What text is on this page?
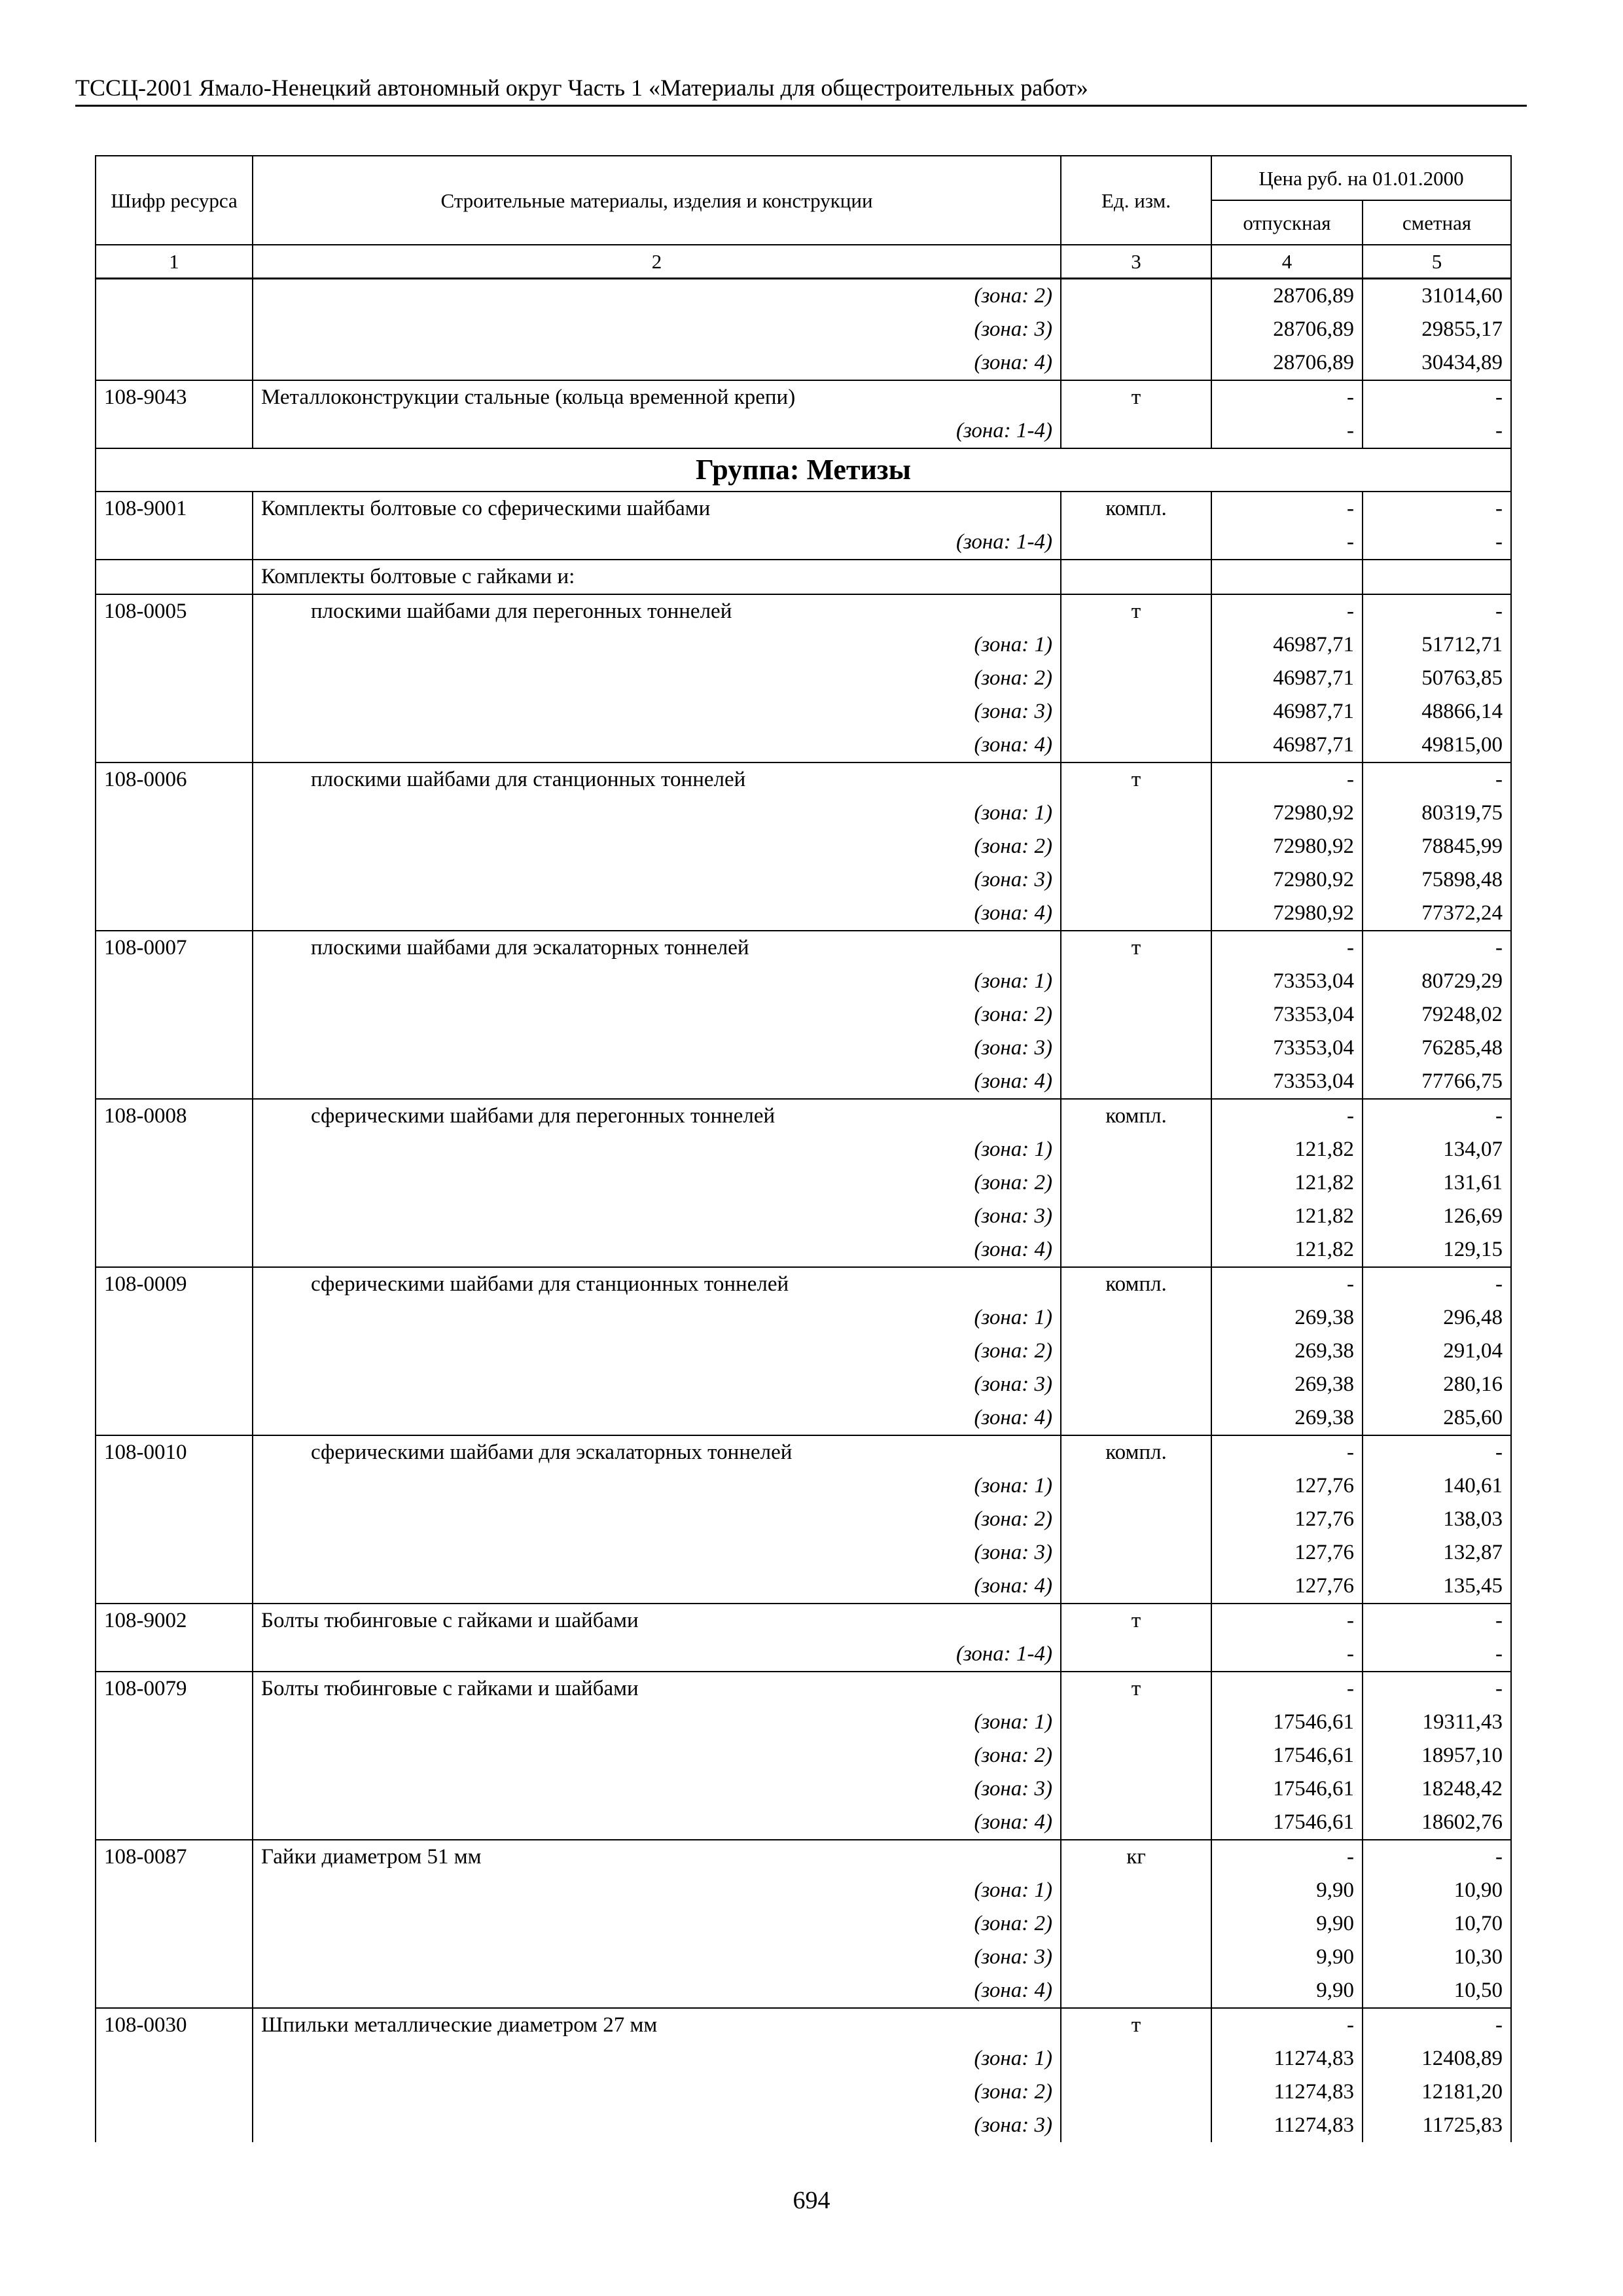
ТССЦ-2001 Ямало-Ненецкий автономный округ Часть 1 «Материалы для общестроительных работ»
Шифр ресурса	Строительные материалы, изделия и конструкции	Ед. изм.	Цена руб. на 01.01.2000	
			отпускная	сметная
1	2	3	4	5
	(зона: 2)		28706,89	31014,60
	(зона: 3)		28706,89	29855,17
	(зона: 4)		28706,89	30434,89
108-9043	Металлоконструкции стальные (кольца временной крепи)	т	-	-
	(зона: 1-4)		-	-
Группа: Метизы				
108-9001	Комплекты болтовые со сферическими шайбами	компл.	-	-
	(зона: 1-4)		-	-
	Комплекты болтовые с гайками и:			
108-0005	плоскими шайбами для перегонных тоннелей	т	-	-
	(зона: 1)		46987,71	51712,71
	(зона: 2)		46987,71	50763,85
	(зона: 3)		46987,71	48866,14
	(зона: 4)		46987,71	49815,00
108-0006	плоскими шайбами для станционных тоннелей	т	-	-
	(зона: 1)		72980,92	80319,75
	(зона: 2)		72980,92	78845,99
	(зона: 3)		72980,92	75898,48
	(зона: 4)		72980,92	77372,24
108-0007	плоскими шайбами для эскалаторных тоннелей	т	-	-
	(зона: 1)		73353,04	80729,29
	(зона: 2)		73353,04	79248,02
	(зона: 3)		73353,04	76285,48
	(зона: 4)		73353,04	77766,75
108-0008	сферическими шайбами для перегонных тоннелей	компл.	-	-
	(зона: 1)		121,82	134,07
	(зона: 2)		121,82	131,61
	(зона: 3)		121,82	126,69
	(зона: 4)		121,82	129,15
108-0009	сферическими шайбами для станционных тоннелей	компл.	-	-
	(зона: 1)		269,38	296,48
	(зона: 2)		269,38	291,04
	(зона: 3)		269,38	280,16
	(зона: 4)		269,38	285,60
108-0010	сферическими шайбами для эскалаторных тоннелей	компл.	-	-
	(зона: 1)		127,76	140,61
	(зона: 2)		127,76	138,03
	(зона: 3)		127,76	132,87
	(зона: 4)		127,76	135,45
108-9002	Болты тюбинговые с гайками и шайбами	т	-	-
	(зона: 1-4)		-	-
108-0079	Болты тюбинговые с гайками и шайбами	т	-	-
	(зона: 1)		17546,61	19311,43
	(зона: 2)		17546,61	18957,10
	(зона: 3)		17546,61	18248,42
	(зона: 4)		17546,61	18602,76
108-0087	Гайки диаметром 51 мм	кг	-	-
	(зона: 1)		9,90	10,90
	(зона: 2)		9,90	10,70
	(зона: 3)		9,90	10,30
	(зона: 4)		9,90	10,50
108-0030	Шпильки металлические диаметром 27 мм	т	-	-
	(зона: 1)		11274,83	12408,89
	(зона: 2)		11274,83	12181,20
	(зона: 3)		11274,83	11725,83
694
